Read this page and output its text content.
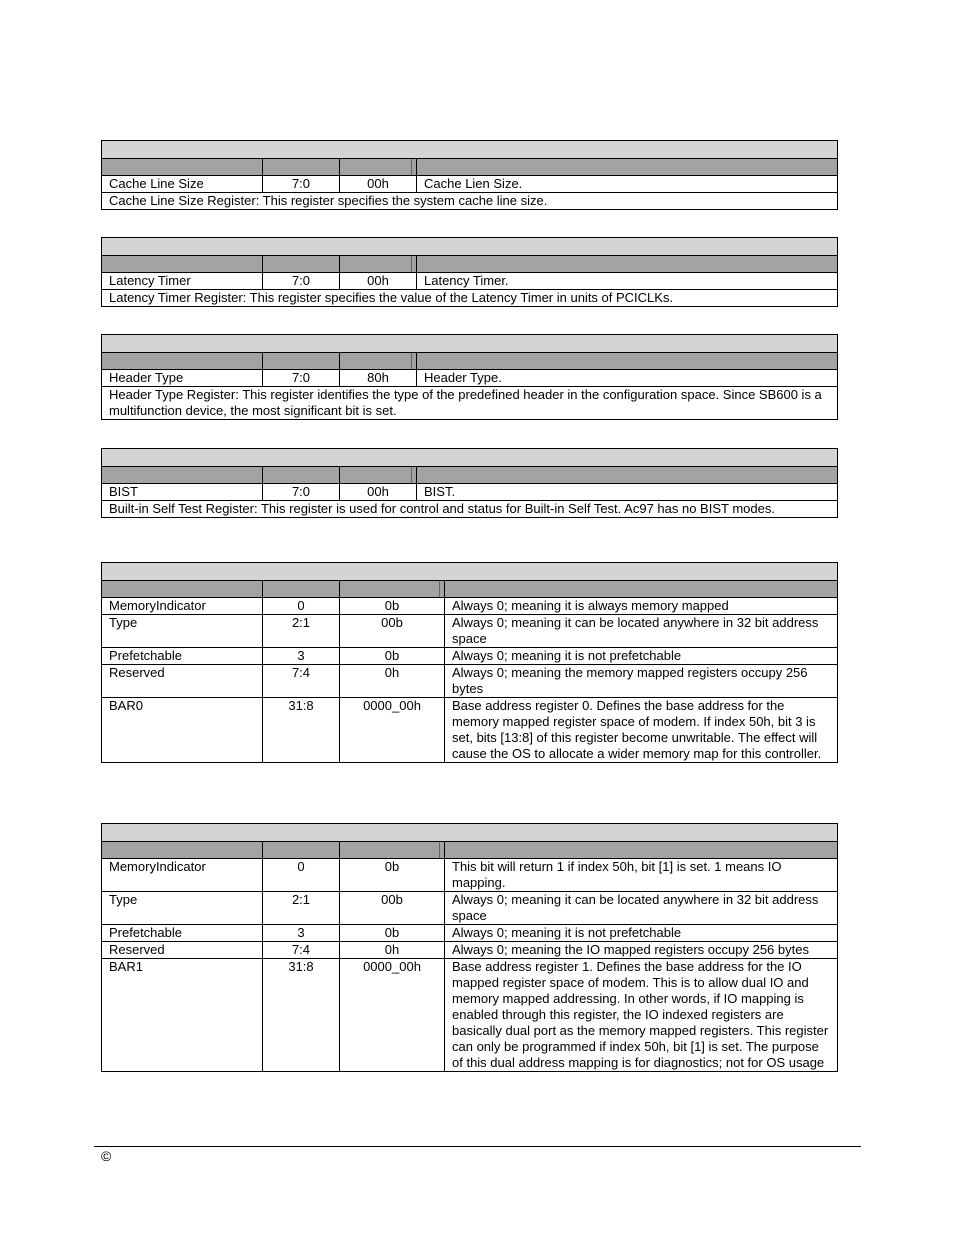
Cache Line Size	7:0	00h	Cache Lien Size.
Cache Line Size Register: This register specifies the system cache line size.
Latency Timer	7:0	00h	Latency Timer.
Latency Timer Register: This register specifies the value of the Latency Timer in units of PCICLKs.
Header Type	7:0	80h	Header Type.
Header Type Register: This register identifies the type of the predefined header in the configuration space. Since SB600 is a multifunction device, the most significant bit is set.
BIST	7:0	00h	BIST.
Built-in Self Test Register: This register is used for control and status for Built-in Self Test. Ac97 has no BIST modes.
MemoryIndicator	0	0b	Always 0; meaning it is always memory mapped
Type	2:1	00b	Always 0; meaning it can be located anywhere in 32 bit address space
Prefetchable	3	0b	Always 0; meaning it is not prefetchable
Reserved	7:4	0h	Always 0; meaning the memory mapped registers occupy 256 bytes
BAR0	31:8	0000_00h	Base address register 0. Defines the base address for the memory mapped register space of modem. If index 50h, bit 3 is set, bits [13:8] of this register become unwritable. The effect will cause the OS to allocate a wider memory map for this controller.
MemoryIndicator	0	0b	This bit will return 1 if index 50h, bit [1] is set. 1 means IO mapping.
Type	2:1	00b	Always 0; meaning it can be located anywhere in 32 bit address space
Prefetchable	3	0b	Always 0; meaning it is not prefetchable
Reserved	7:4	0h	Always 0; meaning the IO mapped registers occupy 256 bytes
BAR1	31:8	0000_00h	Base address register 1. Defines the base address for the IO mapped register space of modem. This is to allow dual IO and memory mapped addressing. In other words, if IO mapping is enabled through this register, the IO indexed registers are basically dual port as the memory mapped registers. This register can only be programmed if index 50h, bit [1] is set. The purpose of this dual address mapping is for diagnostics; not for OS usage
©
